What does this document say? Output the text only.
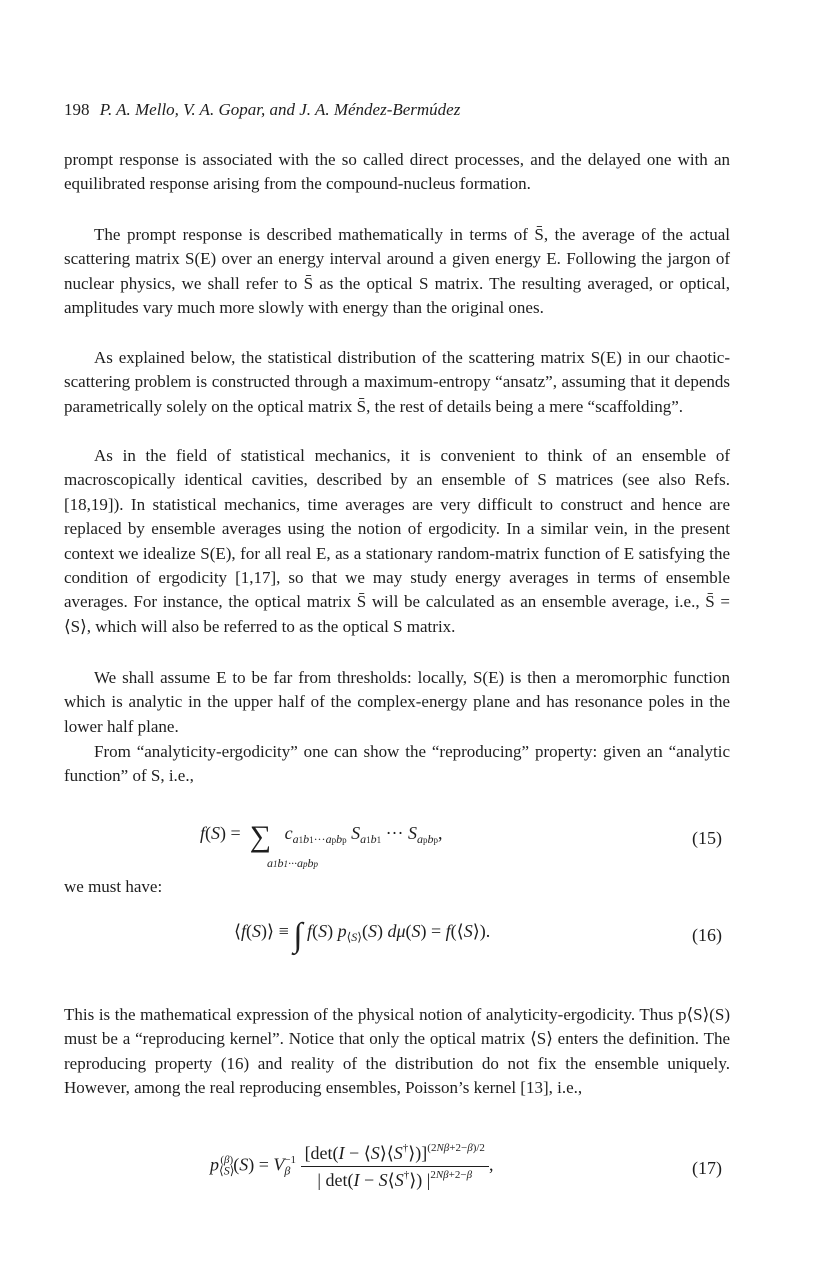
198 P. A. Mello, V. A. Gopar, and J. A. Méndez-Bermúdez

prompt response is associated with the so called direct processes, and the delayed one with an equilibrated response arising from the compound-nucleus formation.

The prompt response is described mathematically in terms of S̄, the average of the actual scattering matrix S(E) over an energy interval around a given energy E. Following the jargon of nuclear physics, we shall refer to S̄ as the optical S matrix. The resulting averaged, or optical, amplitudes vary much more slowly with energy than the original ones.

As explained below, the statistical distribution of the scattering matrix S(E) in our chaotic-scattering problem is constructed through a maximum-entropy “ansatz”, assuming that it depends parametrically solely on the optical matrix S̄, the rest of details being a mere “scaffolding”.

As in the field of statistical mechanics, it is convenient to think of an ensemble of macroscopically identical cavities, described by an ensemble of S matrices (see also Refs. [18,19]). In statistical mechanics, time averages are very difficult to construct and hence are replaced by ensemble averages using the notion of ergodicity. In a similar vein, in the present context we idealize S(E), for all real E, as a stationary random-matrix function of E satisfying the condition of ergodicity [1,17], so that we may study energy averages in terms of ensemble averages. For instance, the optical matrix S̄ will be calculated as an ensemble average, i.e., S̄ = ⟨S⟩, which will also be referred to as the optical S matrix.

We shall assume E to be far from thresholds: locally, S(E) is then a meromorphic function which is analytic in the upper half of the complex-energy plane and has resonance poles in the lower half plane.

From “analyticity-ergodicity” one can show the “reproducing” property: given an “analytic function” of S, i.e.,

f(S) =  ∑ $c_{a1b1\cdot\cdot\cdot apbp}$ $S_{a1b1}$ ··· $S_{apbp}$,
a1b1···apbp
(15)

we must have:

⟨f(S)⟩ ≡ ∫ f(S) $p_{⟨S⟩}(S) d\mu(S)$ = f(⟨S⟩).	(16)

This is the mathematical expression of the physical notion of analyticity-ergodicity. Thus p⟨S⟩(S) must be a “reproducing kernel”. Notice that only the optical matrix ⟨S⟩ enters the definition. The reproducing property (16) and reality of the distribution do not fix the ensemble uniquely. However, among the real reproducing ensembles, Poisson’s kernel [13], i.e.,

$p_{⟨S⟩}^{(\beta)}(S) = V_\beta^{-1} \frac{[\det(I - ⟨S⟩⟨S^\dagger⟩)]^{(2N\beta+2-\beta)/2}}{| \det(I - S⟨S^\dagger⟩) |^{2N\beta+2-\beta}}$ ,	(17)
